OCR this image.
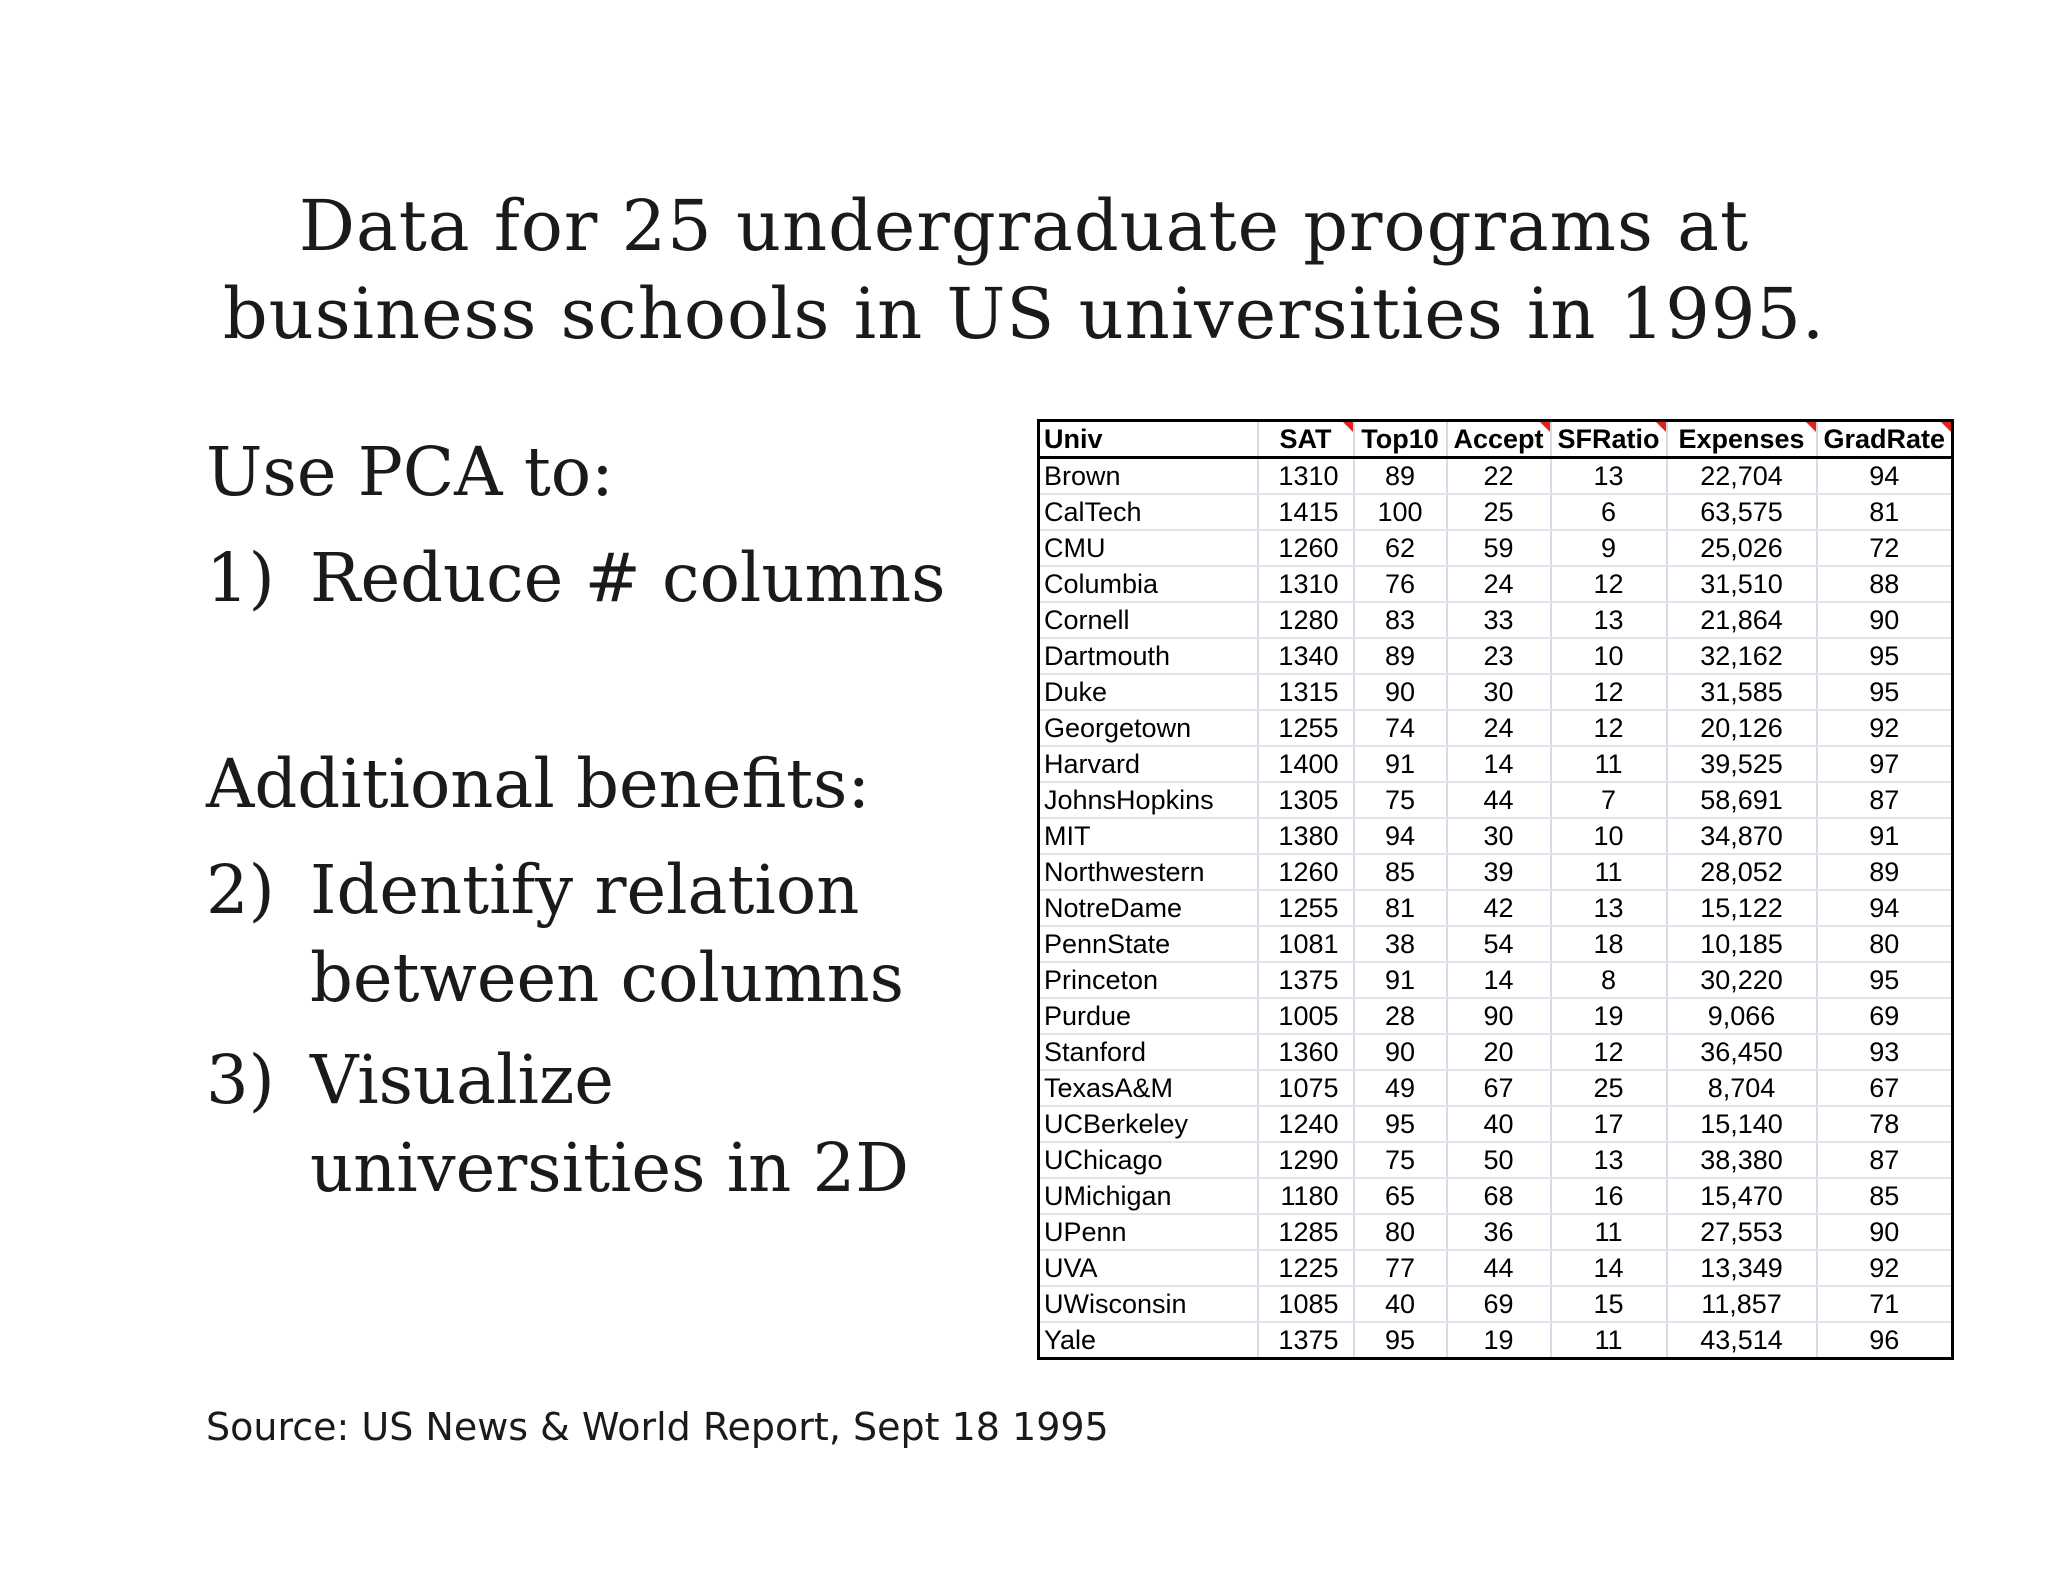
Data for 25 undergraduate programs at
business schools in US universities in 1995.
Use PCA to:
1) Reduce # columns
Additional benefits:
2) Identify relation
between columns
3) Visualize
universities in 2D
Univ	SAT	Top10	Accept	SFRatio	Expenses	GradRate

Brown	1310	89	22	13	22,704	94
CalTech	1415	100	25	6	63,575	81
CMU	1260	62	59	9	25,026	72
Columbia	1310	76	24	12	31,510	88
Cornell	1280	83	33	13	21,864	90
Dartmouth	1340	89	23	10	32,162	95
Duke	1315	90	30	12	31,585	95
Georgetown	1255	74	24	12	20,126	92
Harvard	1400	91	14	11	39,525	97
JohnsHopkins	1305	75	44	7	58,691	87
MIT	1380	94	30	10	34,870	91
Northwestern	1260	85	39	11	28,052	89
NotreDame	1255	81	42	13	15,122	94
PennState	1081	38	54	18	10,185	80
Princeton	1375	91	14	8	30,220	95
Purdue	1005	28	90	19	9,066	69
Stanford	1360	90	20	12	36,450	93
TexasA&M	1075	49	67	25	8,704	67
UCBerkeley	1240	95	40	17	15,140	78
UChicago	1290	75	50	13	38,380	87
UMichigan	1180	65	68	16	15,470	85
UPenn	1285	80	36	11	27,553	90
UVA	1225	77	44	14	13,349	92
UWisconsin	1085	40	69	15	11,857	71
Yale	1375	95	19	11	43,514	96
Source: US News & World Report, Sept 18 1995
